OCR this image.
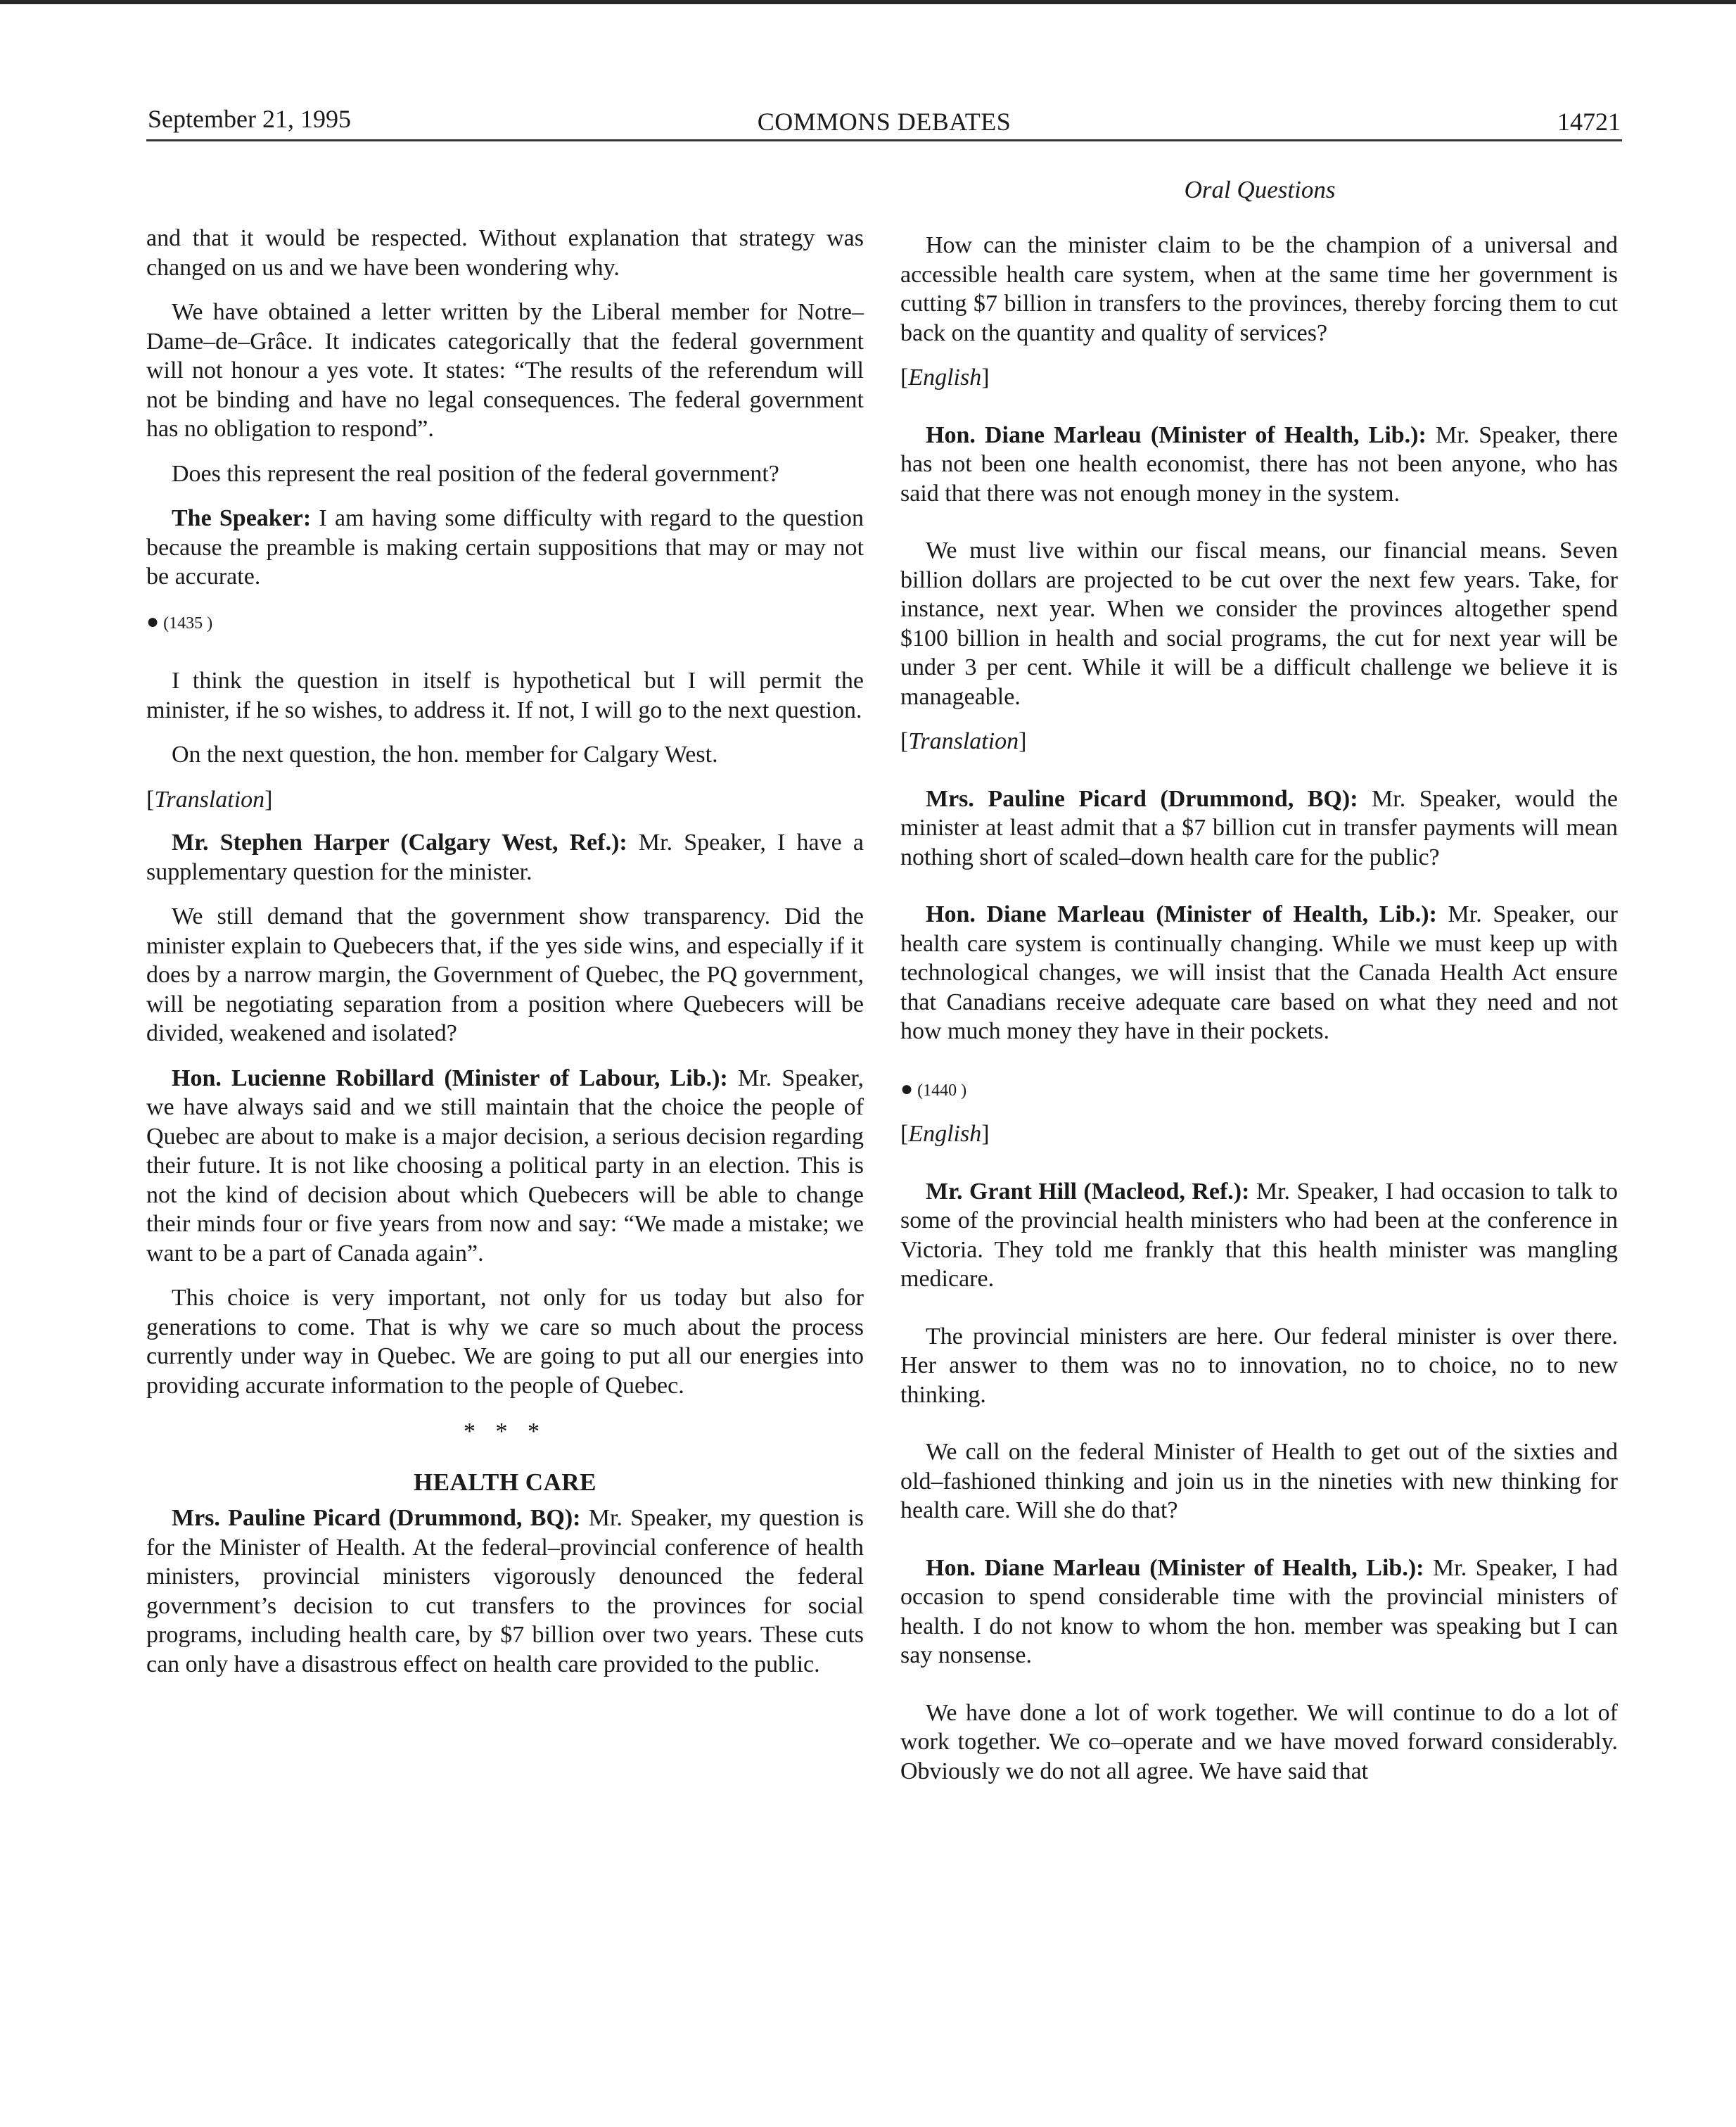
September 21, 1995	COMMONS DEBATES	14721
Oral Questions

and that it would be respected. Without explanation that strategy was changed on us and we have been wondering why.

We have obtained a letter written by the Liberal member for Notre–Dame–de–Grâce. It indicates categorically that the federal government will not honour a yes vote. It states: “The results of the referendum will not be binding and have no legal consequences. The federal government has no obligation to respond”.

Does this represent the real position of the federal government?

The Speaker: I am having some difficulty with regard to the question because the preamble is making certain suppositions that may or may not be accurate.

● (1435 )

I think the question in itself is hypothetical but I will permit the minister, if he so wishes, to address it. If not, I will go to the next question.

On the next question, the hon. member for Calgary West.

[Translation]

Mr. Stephen Harper (Calgary West, Ref.): Mr. Speaker, I have a supplementary question for the minister.

We still demand that the government show transparency. Did the minister explain to Quebecers that, if the yes side wins, and especially if it does by a narrow margin, the Government of Quebec, the PQ government, will be negotiating separation from a position where Quebecers will be divided, weakened and isolated?

Hon. Lucienne Robillard (Minister of Labour, Lib.): Mr. Speaker, we have always said and we still maintain that the choice the people of Quebec are about to make is a major decision, a serious decision regarding their future. It is not like choosing a political party in an election. This is not the kind of decision about which Quebecers will be able to change their minds four or five years from now and say: “We made a mistake; we want to be a part of Canada again”.

This choice is very important, not only for us today but also for generations to come. That is why we care so much about the process currently under way in Quebec. We are going to put all our energies into providing accurate information to the people of Quebec.

* * *

HEALTH CARE

Mrs. Pauline Picard (Drummond, BQ): Mr. Speaker, my question is for the Minister of Health. At the federal–provincial conference of health ministers, provincial ministers vigorously denounced the federal government’s decision to cut transfers to the provinces for social programs, including health care, by $7 billion over two years. These cuts can only have a disastrous effect on health care provided to the public.

How can the minister claim to be the champion of a universal and accessible health care system, when at the same time her government is cutting $7 billion in transfers to the provinces, thereby forcing them to cut back on the quantity and quality of services?

[English]

Hon. Diane Marleau (Minister of Health, Lib.): Mr. Speaker, there has not been one health economist, there has not been anyone, who has said that there was not enough money in the system.

We must live within our fiscal means, our financial means. Seven billion dollars are projected to be cut over the next few years. Take, for instance, next year. When we consider the provinces altogether spend $100 billion in health and social programs, the cut for next year will be under 3 per cent. While it will be a difficult challenge we believe it is manageable.

[Translation]

Mrs. Pauline Picard (Drummond, BQ): Mr. Speaker, would the minister at least admit that a $7 billion cut in transfer payments will mean nothing short of scaled–down health care for the public?

Hon. Diane Marleau (Minister of Health, Lib.): Mr. Speaker, our health care system is continually changing. While we must keep up with technological changes, we will insist that the Canada Health Act ensure that Canadians receive adequate care based on what they need and not how much money they have in their pockets.

● (1440 )

[English]

Mr. Grant Hill (Macleod, Ref.): Mr. Speaker, I had occasion to talk to some of the provincial health ministers who had been at the conference in Victoria. They told me frankly that this health minister was mangling medicare.

The provincial ministers are here. Our federal minister is over there. Her answer to them was no to innovation, no to choice, no to new thinking.

We call on the federal Minister of Health to get out of the sixties and old–fashioned thinking and join us in the nineties with new thinking for health care. Will she do that?

Hon. Diane Marleau (Minister of Health, Lib.): Mr. Speaker, I had occasion to spend considerable time with the provincial ministers of health. I do not know to whom the hon. member was speaking but I can say nonsense.

We have done a lot of work together. We will continue to do a lot of work together. We co–operate and we have moved forward considerably. Obviously we do not all agree. We have said that
